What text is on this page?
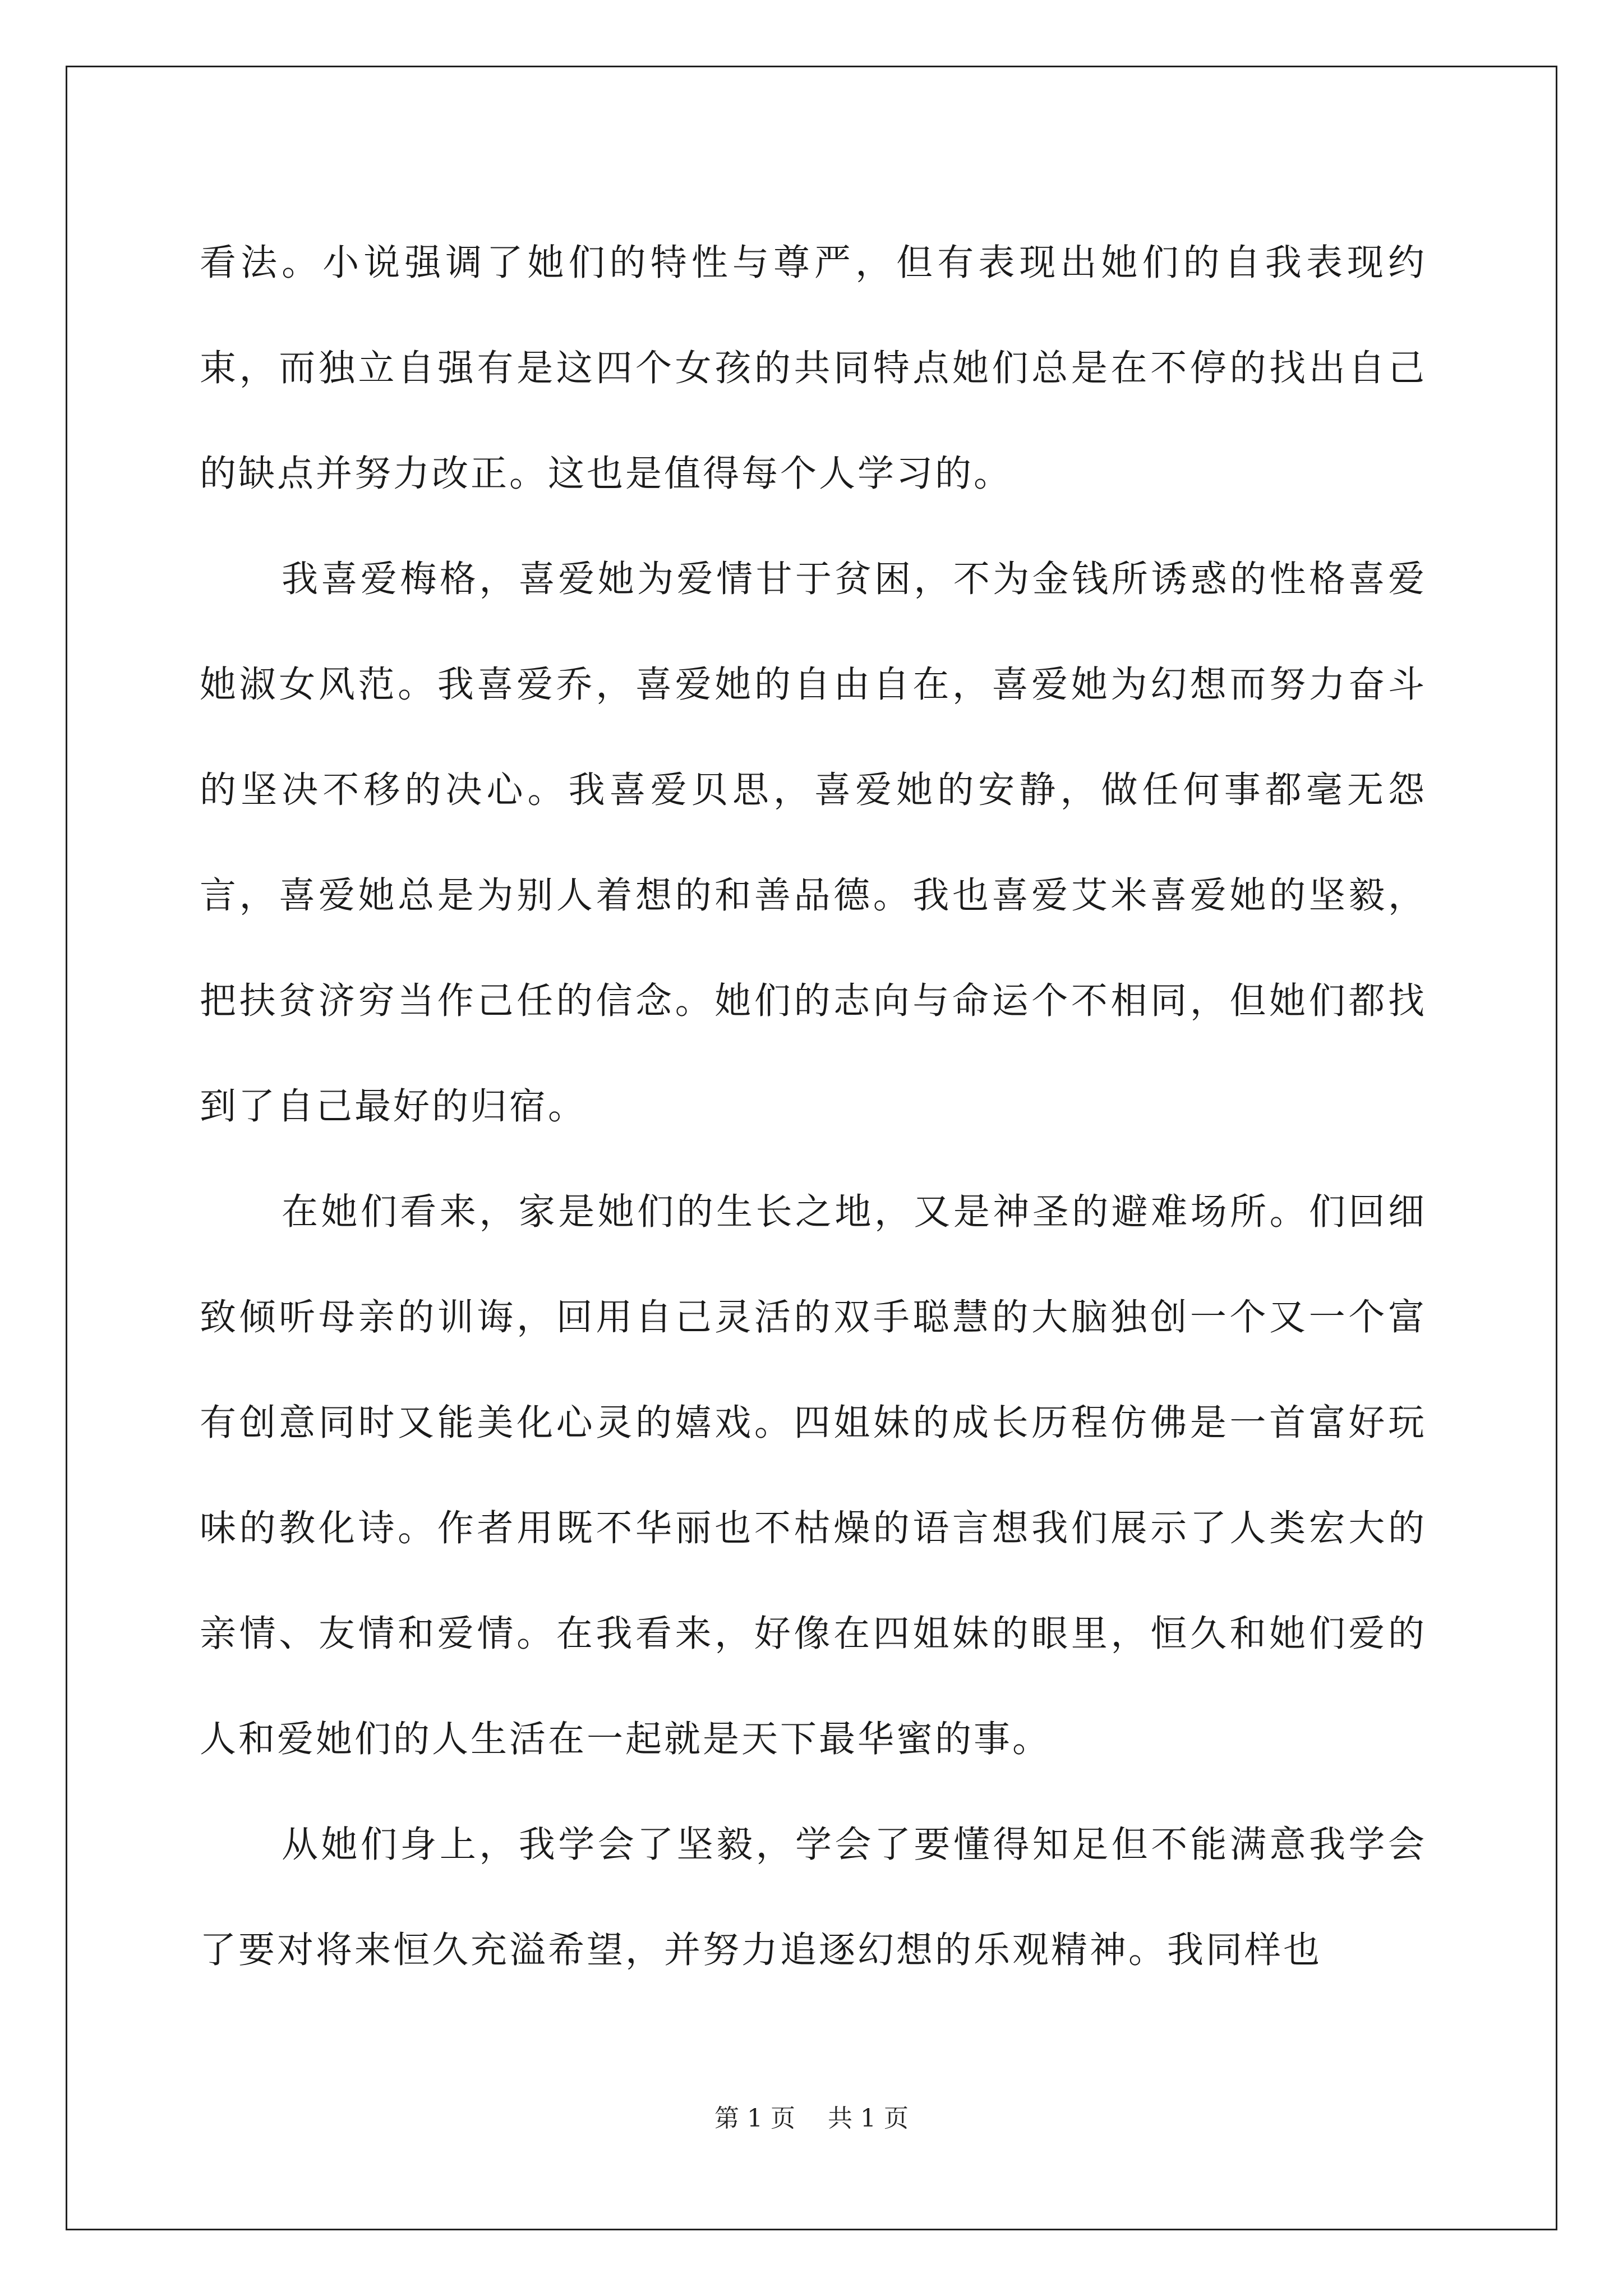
看法。小说强调了她们的特性与尊严，但有表现出她们的自我表现约束，而独立自强有是这四个女孩的共同特点她们总是在不停的找出自己的缺点并努力改正。这也是值得每个人学习的。

我喜爱梅格，喜爱她为爱情甘于贫困，不为金钱所诱惑的性格喜爱她淑女风范。我喜爱乔，喜爱她的自由自在，喜爱她为幻想而努力奋斗的坚决不移的决心。我喜爱贝思，喜爱她的安静，做任何事都毫无怨言，喜爱她总是为别人着想的和善品德。我也喜爱艾米喜爱她的坚毅，把扶贫济穷当作己任的信念。她们的志向与命运个不相同，但她们都找到了自己最好的归宿。

在她们看来，家是她们的生长之地，又是神圣的避难场所。们回细致倾听母亲的训诲，回用自己灵活的双手聪慧的大脑独创一个又一个富有创意同时又能美化心灵的嬉戏。四姐妹的成长历程仿佛是一首富好玩味的教化诗。作者用既不华丽也不枯燥的语言想我们展示了人类宏大的亲情、友情和爱情。在我看来，好像在四姐妹的眼里，恒久和她们爱的人和爱她们的人生活在一起就是天下最华蜜的事。

从她们身上，我学会了坚毅，学会了要懂得知足但不能满意我学会了要对将来恒久充溢希望，并努力追逐幻想的乐观精神。我同样也

第 1 页　 共 1 页
